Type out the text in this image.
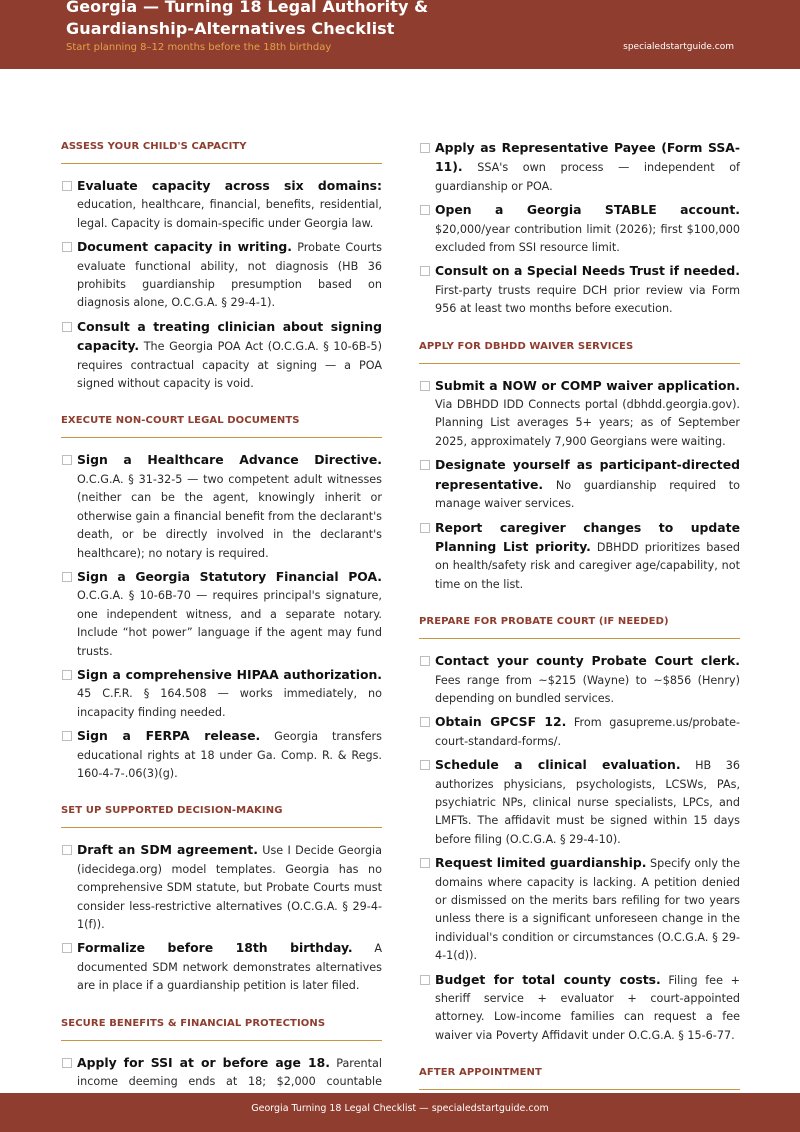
Georgia — Turning 18 Legal Authority & Guardianship-Alternatives Checklist
Start planning 8–12 months before the 18th birthday	specialedstartguide.com
ASSESS YOUR CHILD'S CAPACITY
Evaluate capacity across six domains: education, healthcare, financial, benefits, residential, legal. Capacity is domain-specific under Georgia law.
Document capacity in writing. Probate Courts evaluate functional ability, not diagnosis (HB 36 prohibits guardianship presumption based on diagnosis alone, O.C.G.A. § 29-4-1).
Consult a treating clinician about signing capacity. The Georgia POA Act (O.C.G.A. § 10-6B-5) requires contractual capacity at signing — a POA signed without capacity is void.
EXECUTE NON-COURT LEGAL DOCUMENTS
Sign a Healthcare Advance Directive. O.C.G.A. § 31-32-5 — two competent adult witnesses (neither can be the agent, knowingly inherit or otherwise gain a financial benefit from the declarant's death, or be directly involved in the declarant's healthcare); no notary is required.
Sign a Georgia Statutory Financial POA. O.C.G.A. § 10-6B-70 — requires principal's signature, one independent witness, and a separate notary. Include “hot power” language if the agent may fund trusts.
Sign a comprehensive HIPAA authorization. 45 C.F.R. § 164.508 — works immediately, no incapacity finding needed.
Sign a FERPA release. Georgia transfers educational rights at 18 under Ga. Comp. R. & Regs. 160-4-7-.06(3)(g).
SET UP SUPPORTED DECISION-MAKING
Draft an SDM agreement. Use I Decide Georgia (idecidega.org) model templates. Georgia has no comprehensive SDM statute, but Probate Courts must consider less-restrictive alternatives (O.C.G.A. § 29-4-1(f)).
Formalize before 18th birthday. A documented SDM network demonstrates alternatives are in place if a guardianship petition is later filed.
SECURE BENEFITS & FINANCIAL PROTECTIONS
Apply for SSI at or before age 18. Parental income deeming ends at 18; $2,000 countable
Apply as Representative Payee (Form SSA-11). SSA's own process — independent of guardianship or POA.
Open a Georgia STABLE account. $20,000/year contribution limit (2026); first $100,000 excluded from SSI resource limit.
Consult on a Special Needs Trust if needed. First-party trusts require DCH prior review via Form 956 at least two months before execution.
APPLY FOR DBHDD WAIVER SERVICES
Submit a NOW or COMP waiver application. Via DBHDD IDD Connects portal (dbhdd.georgia.gov). Planning List averages 5+ years; as of September 2025, approximately 7,900 Georgians were waiting.
Designate yourself as participant-directed representative. No guardianship required to manage waiver services.
Report caregiver changes to update Planning List priority. DBHDD prioritizes based on health/safety risk and caregiver age/capability, not time on the list.
PREPARE FOR PROBATE COURT (IF NEEDED)
Contact your county Probate Court clerk. Fees range from ~$215 (Wayne) to ~$856 (Henry) depending on bundled services.
Obtain GPCSF 12. From gasupreme.us/probate-court-standard-forms/.
Schedule a clinical evaluation. HB 36 authorizes physicians, psychologists, LCSWs, PAs, psychiatric NPs, clinical nurse specialists, LPCs, and LMFTs. The affidavit must be signed within 15 days before filing (O.C.G.A. § 29-4-10).
Request limited guardianship. Specify only the domains where capacity is lacking. A petition denied or dismissed on the merits bars refiling for two years unless there is a significant unforeseen change in the individual's condition or circumstances (O.C.G.A. § 29-4-1(d)).
Budget for total county costs. Filing fee + sheriff service + evaluator + court-appointed attorney. Low-income families can request a fee waiver via Poverty Affidavit under O.C.G.A. § 15-6-77.
AFTER APPOINTMENT
Georgia Turning 18 Legal Checklist — specialedstartguide.com
